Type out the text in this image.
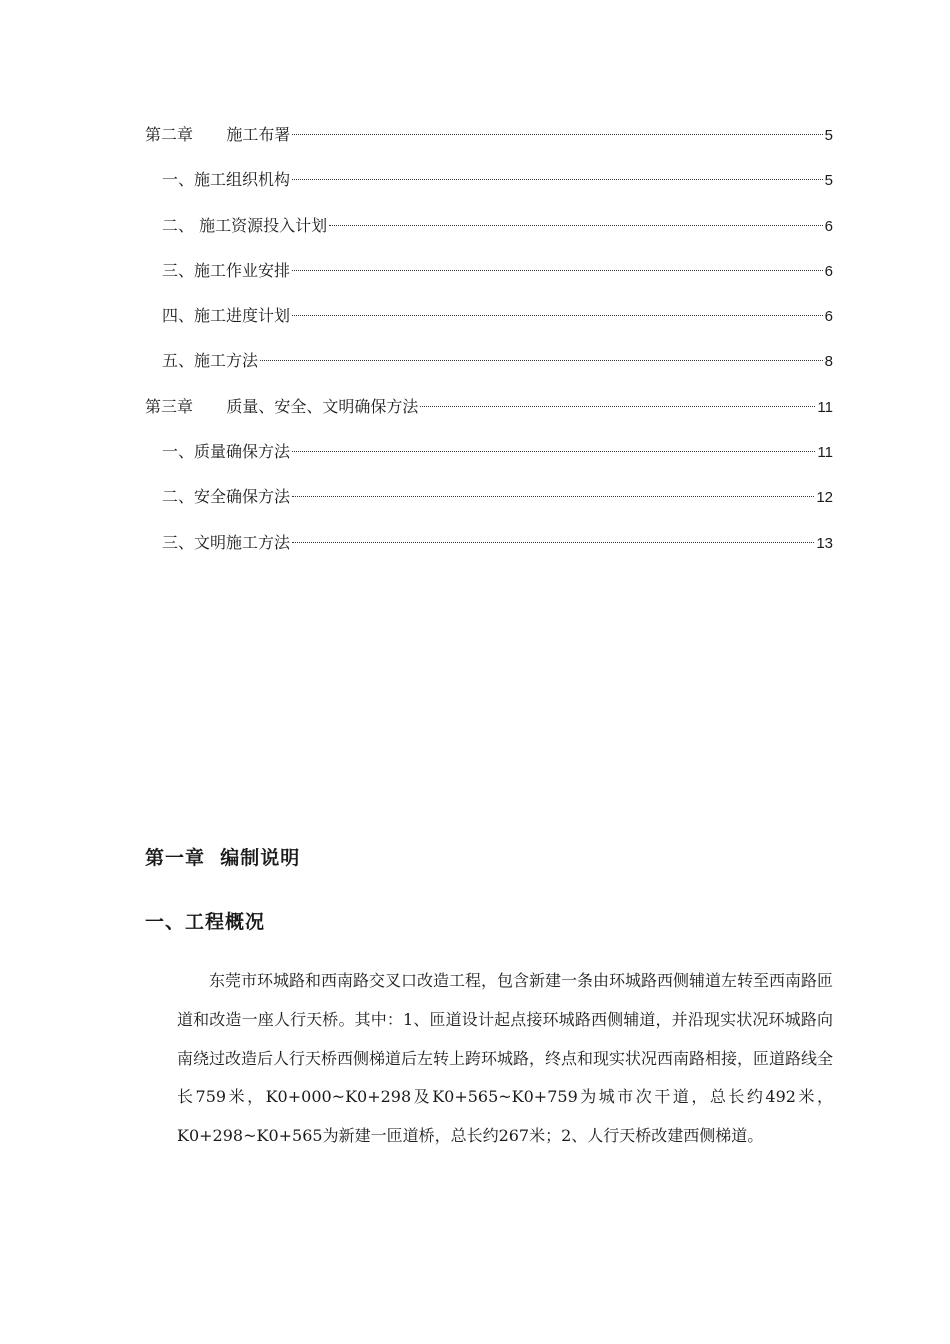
第二章	施工布署	5
一、施工组织机构	5
二、 施工资源投入计划	6
三、施工作业安排	6
四、施工进度计划	6
五、施工方法	8
第三章	质量、安全、文明确保方法	11
一、质量确保方法	11
二、安全确保方法	12
三、文明施工方法	13
第一章  编制说明
一、工程概况

东莞市环城路和西南路交叉口改造工程，包含新建一条由环城路西侧辅道左转至西南路匝道和改造一座人行天桥。其中：1、匝道设计起点接环城路西侧辅道，并沿现实状况环城路向南绕过改造后人行天桥西侧梯道后左转上跨环城路，终点和现实状况西南路相接，匝道路线全长759米，K0+000~K0+298及K0+565~K0+759为城市次干道，总长约492米，K0+298~K0+565为新建一匝道桥，总长约267米；2、人行天桥改建西侧梯道。
